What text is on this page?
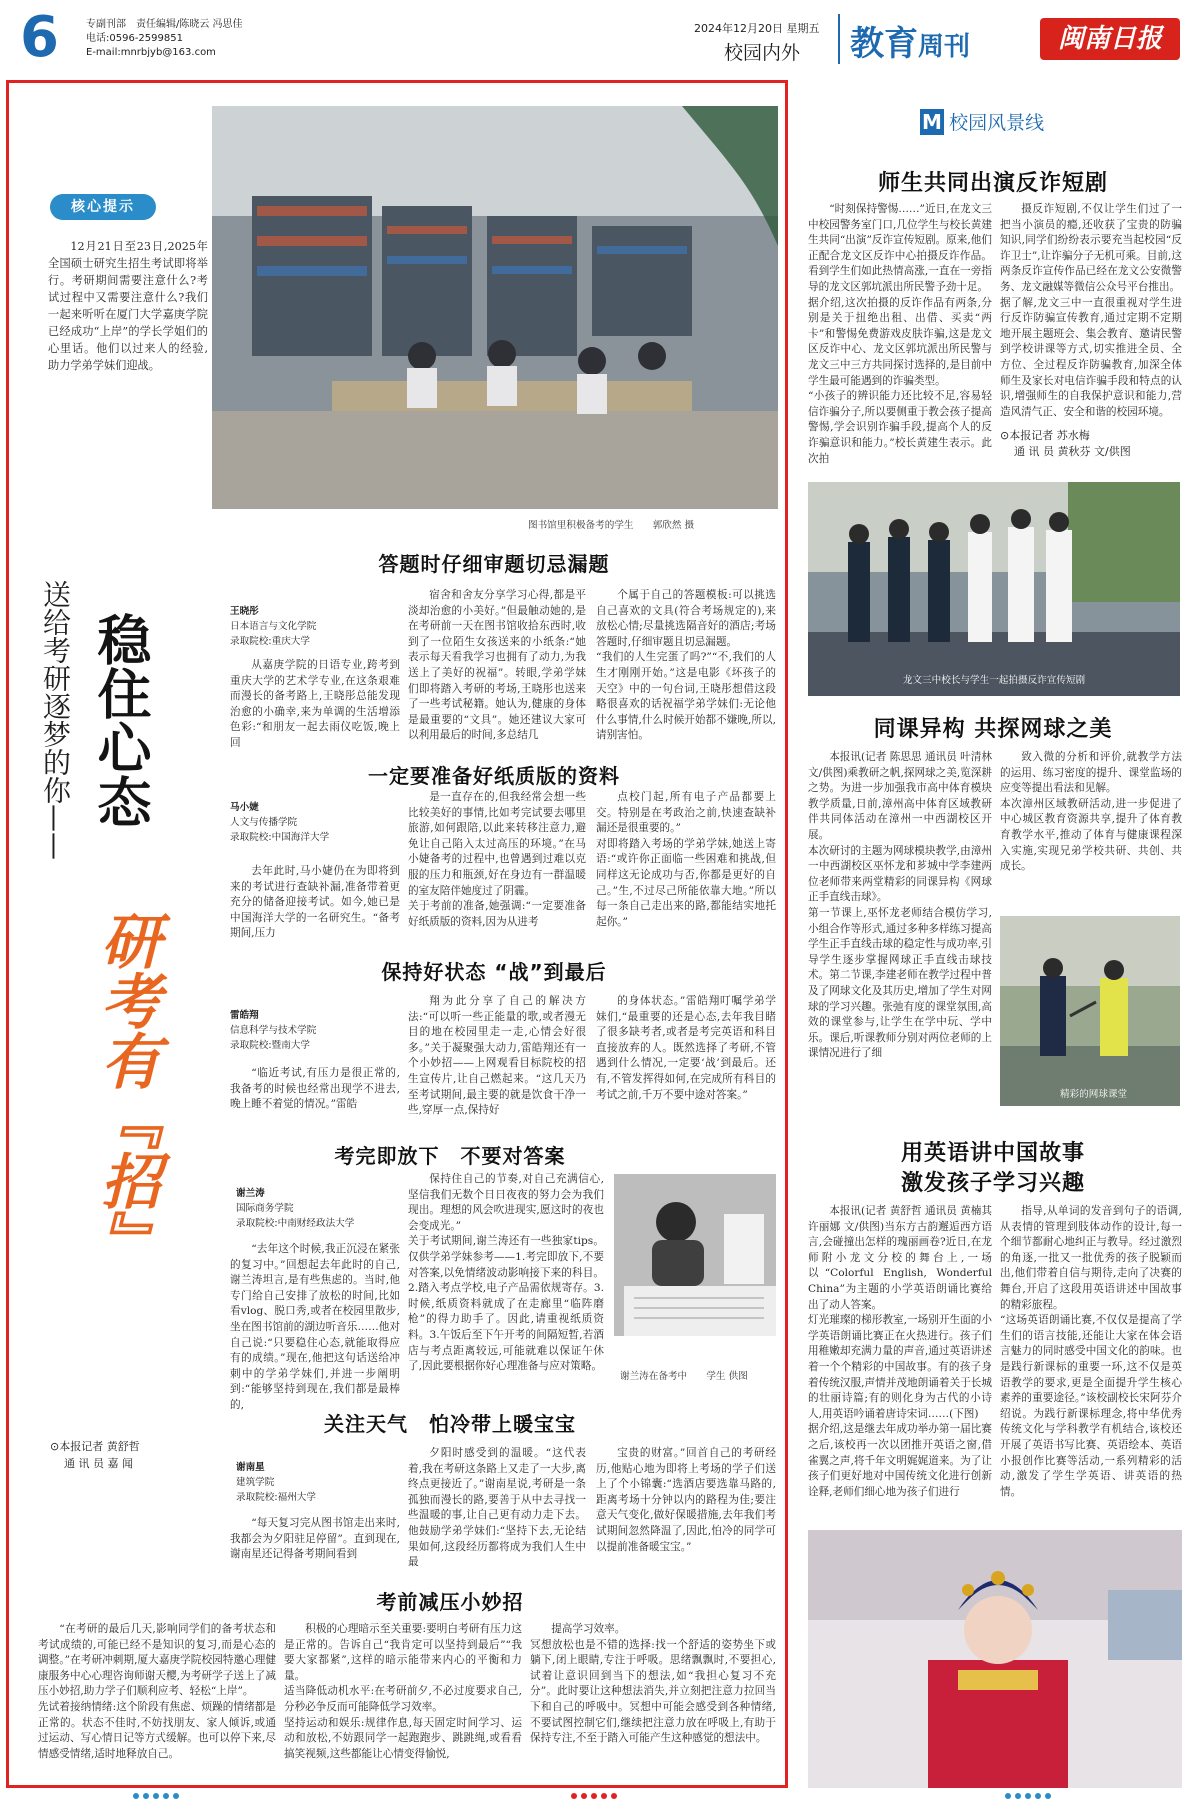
6	专副刊部　 责任编辑/陈晓云 冯思佳
电话:0596-2599851
E-mail:mnrbjyb@163.com
2024年12月20日 星期五
校园内外 教育周刊	闽南日报
核心提示

12月21日至23日,2025年全国硕士研究生招生考试即将举行。考研期间需要注意什么?考试过程中又需要注意什么?我们一起来听听在厦门大学嘉庚学院已经成功“上岸”的学长学姐们的心里话。他们以过来人的经验,助力学弟学妹们迎战。

图书馆里积极备考的学生　　郭欣然 摄
送给考研逐梦的你—— 稳住心态
研考有『招』
⊙本报记者 黄舒哲
通 讯 员 嘉 闻
答题时仔细审题切忌漏题
王晓彤
日本语言与文化学院
录取院校:重庆大学

从嘉庚学院的日语专业,跨考到重庆大学的艺术学专业,在这条艰难而漫长的备考路上,王晓彤总能发现治愈的小确幸,来为单调的生活增添色彩:“和朋友一起去雨仪吃饭,晚上回

宿舍和舍友分享学习心得,都是平淡却治愈的小美好。”但最触动她的,是在考研前一天在图书馆收拾东西时,收到了一位陌生女孩送来的小纸条:“她表示每天看我学习也拥有了动力,为我送上了美好的祝福”。转眼,学弟学妹们即将踏入考研的考场,王晓彤也送来了一些考试秘籍。她认为,健康的身体是最重要的“文具”。她还建议大家可以利用最后的时间,多总结几

个属于自己的答题模板:可以挑选自己喜欢的文具(符合考场规定的),来放松心情;尽量挑选隔音好的酒店;考场答题时,仔细审题且切忌漏题。
“我们的人生完蛋了吗?”“不,我们的人生才刚刚开始。”这是电影《坏孩子的天空》中的一句台词,王晓彤想借这段略很喜欢的话祝福学弟学妹们:无论他什么事情,什么时候开始都不嫌晚,所以,请别害怕。

一定要准备好纸质版的资料
马小婕
人文与传播学院
录取院校:中国海洋大学

去年此时,马小婕仍在为即将到来的考试进行查缺补漏,准备带着更充分的储备迎接考试。如今,她已是中国海洋大学的一名研究生。“备考期间,压力

是一直存在的,但我经常会想一些比较美好的事情,比如考完试要去哪里旅游,如何跟陪,以此来转移注意力,避免让自己陷入太过高压的环境。”在马小婕备考的过程中,也曾遇到过难以克服的压力和瓶颈,好在身边有一群温暖的室友陪伴她度过了阴霾。
关于考前的准备,她强调:“一定要准备好纸质版的资料,因为从进考

点校门起,所有电子产品都要上交。特别是在考政治之前,快速查缺补漏还是很重要的。”
对即将踏入考场的学弟学妹,她送上寄语:“或许你正面临一些困难和挑战,但同样这无论成功与否,你都是更好的自己。”生,不过尽己所能依靠大地。”所以每一条自己走出来的路,都能结实地托起你。”

保持好状态 “战”到最后
雷皓翔
信息科学与技术学院
录取院校:暨南大学

“临近考试,有压力是很正常的,我备考的时候也经常出现学不进去,晚上睡不着觉的情况。”雷皓

翔为此分享了自己的解决方法:“可以听一些正能量的歌,或者漫无目的地在校园里走一走,心情会好很多。”关于凝聚强大动力,雷皓翔还有一个小妙招——上网观看目标院校的招生宣传片,让自己燃起来。“这几天乃至考试期间,最主要的就是饮食干净一些,穿厚一点,保持好

的身体状态。”雷皓翔叮嘱学弟学妹们,“最重要的还是心态,去年我目睹了很多缺考者,或者是考完英语和科目直接放弃的人。既然选择了考研,不管遇到什么情况,一定要‘战’到最后。还有,不管发挥得如何,在完成所有科目的考试之前,千万不要中途对答案。”

考完即放下　不要对答案
谢兰涛
国际商务学院
录取院校:中南财经政法大学

“去年这个时候,我正沉浸在紧张的复习中。”回想起去年此时的自己,谢兰涛坦言,是有些焦虑的。当时,他专门给自己安排了放松的时间,比如看vlog、脱口秀,或者在校园里散步,坐在图书馆前的湖边听音乐……他对自己说:“只要稳住心态,就能取得应有的成绩。”现在,他把这句话送给冲刺中的学弟学妹们,并进一步阐明到:“能够坚持到现在,我们都是最棒的,

保持住自己的节奏,对自己充满信心,坚信我们无数个日日夜夜的努力会为我们现出。理想的风会吹进现实,愿这时的夜也会变成光。”
关于考试期间,谢兰涛还有一些独家tips。仅供学弟学妹参考——1.考完即放下,不要对答案,以免情绪波动影响接下来的科目。2.踏入考点学校,电子产品需依规寄存。3.时候,纸质资料就成了在走廊里“临阵磨枪”的得力助手了。因此,请重视纸质资料。3.午饭后至下午开考的间隔短暂,若酒店与考点距离较远,可能就难以保证午休了,因此要根据你好心理准备与应对策略。

谢兰涛在备考中　　学生 供图
关注天气　怕冷带上暖宝宝
谢南星
建筑学院
录取院校:福州大学

“每天复习完从图书馆走出来时,我都会为夕阳驻足停留”。直到现在,谢南星还记得备考期间看到

夕阳时感受到的温暖。“这代表着,我在考研这条路上又走了一大步,离终点更接近了。”谢南星说,考研是一条孤独而漫长的路,要善于从中去寻找一些温暖的事,让自己更有动力走下去。他鼓励学弟学妹们:“坚持下去,无论结果如何,这段经历都将成为我们人生中最

宝贵的财富。”回首自己的考研经历,他贴心地为即将上考场的学子们送上了个小锦囊:“选酒店要选靠马路的,距离考场十分钟以内的路程为佳;要注意天气变化,做好保暖措施,去年我们考试期间忽然降温了,因此,怕冷的同学可以提前准备暖宝宝。”

考前减压小妙招

“在考研的最后几天,影响同学们的备考状态和考试成绩的,可能已经不是知识的复习,而是心态的调整。”在考研冲刺期,厦大嘉庚学院校园特邀心理健康服务中心心理咨询师谢天樱,为考研学子送上了减压小妙招,助力学子们顺利应考、轻松“上岸”。
先试着接纳情绪:这个阶段有焦虑、烦躁的情绪都是正常的。状态不佳时,不妨找朋友、家人倾诉,或通过运动、写心情日记等方式缓解。也可以停下来,尽情感受情绪,适时地释放自己。

积极的心理暗示至关重要:要明白考研有压力这是正常的。告诉自己“我肯定可以坚持到最后”“我要大家都紧”,这样的暗示能带来内心的平衡和力量。
适当降低动机水平:在考研前夕,不必过度要求自己,分秒必争反而可能降低学习效率。
坚持运动和娱乐:规律作息,每天固定时间学习、运动和放松,不妨跟同学一起跑跑步、跳跳绳,或看看搞笑视频,这些都能让心情变得愉悦,

提高学习效率。
冥想放松也是不错的选择:找一个舒适的姿势坐下或躺下,闭上眼睛,专注于呼吸。思绪飘飘时,不要担心,试着让意识回到当下的想法,如“我担心复习不充分”。此时要让这种想法消失,并立刻把注意力拉回当下和自己的呼吸中。冥想中可能会感受到各种情绪,不要试图控制它们,继续把注意力放在呼吸上,有助于保持专注,不至于踏入可能产生这种感觉的想法中。

M 校园风景线
师生共同出演反诈短剧

“时刻保持警惕……”近日,在龙文三中校园警务室门口,几位学生与校长黄建生共同“出演”反诈宣传短剧。原来,他们正配合龙文区反诈中心拍摄反诈作品。看到学生们如此热情高涨,一直在一旁指导的龙文区郭坑派出所民警予劲十足。
据介绍,这次拍摄的反诈作品有两条,分别是关于扭绝出租、出借、买卖“两卡”和警惕免费游戏皮肤诈骗,这是龙文区反诈中心、龙文区郭坑派出所民警与龙文三中三方共同探讨选择的,是目前中学生最可能遇到的诈骗类型。
“小孩子的辨识能力还比较不足,容易轻信诈骗分子,所以要侧重于教会孩子提高警惕,学会识别诈骗手段,提高个人的反诈骗意识和能力。”校长黄建生表示。此次拍

摄反诈短剧,不仅让学生们过了一把当小演员的瘾,还收获了宝贵的防骗知识,同学们纷纷表示要充当起校园“反诈卫士”,让诈骗分子无机可乘。目前,这两条反诈宣传作品已经在龙文公安微警务、龙文融媒等微信公众号平台推出。
据了解,龙文三中一直很重视对学生进行反诈防骗宣传教育,通过定期不定期地开展主题班会、集会教育、邀请民警到学校讲课等方式,切实推进全员、全方位、全过程反诈防骗教育,加深全体师生及家长对电信诈骗手段和特点的认识,增强师生的自我保护意识和能力,营造风清气正、安全和谐的校园环境。

⊙本报记者 苏水梅
通 讯 员 黄秋芬 文/供图
龙文三中校长与学生一起拍摄反诈宣传短剧
同课异构 共探网球之美

本报讯(记者 陈思思 通讯员 叶清林 文/供图)乘教研之帆,探网球之美,览深耕之势。为进一步加强我市高中体育模块教学质量,日前,漳州高中体育区域教研伴共同体活动在漳州一中西湖校区开展。
本次研讨的主题为网球模块教学,由漳州一中西湖校区巫怀龙和芗城中学李建两位老师带来两堂精彩的同课异构《网球正手直线击球》。
第一节课上,巫怀龙老师结合模仿学习,小组合作等形式,通过多种多样练习提高学生正手直线击球的稳定性与成功率,引导学生逐步掌握网球正手直线击球技术。第二节课,李建老师在教学过程中普及了网球文化及其历史,增加了学生对网球的学习兴趣。张弛有度的课堂氛围,高效的课堂参与,让学生在学中玩、学中乐。课后,听课教师分别对两位老师的上课情况进行了细

致入微的分析和评价,就教学方法的运用、练习密度的提升、课堂监场的应变等提出看法和见解。
本次漳州区域教研活动,进一步促进了中心城区教育资源共享,提升了体育教育教学水平,推动了体育与健康课程深入实施,实现兄弟学校共研、共创、共成长。

精彩的网球课堂
用英语讲中国故事
激发孩子学习兴趣

本报讯(记者 黄舒哲 通讯员 黄楠其 许丽娜 文/供图)当东方古韵邂逅西方语言,会碰撞出怎样的瑰丽画卷?近日,在龙师附小龙文分校的舞台上,一场以“Colorful English, Wonderful China”为主题的小学英语朗诵比赛给出了动人答案。
灯光璀璨的梯形教室,一场别开生面的小学英语朗诵比赛正在火热进行。孩子们用稚嫩却充满力量的声音,通过英语讲述着一个个精彩的中国故事。有的孩子身着传统汉服,声情并茂地朗诵着关于长城的壮丽诗篇;有的则化身为古代的小诗人,用英语吟诵着唐诗宋词……(下图)
据介绍,这是继去年成功举办第一届比赛之后,该校再一次以团推开英语之窗,借雀翼之声,将千年文明娓娓道来。为了让孩子们更好地对中国传统文化进行创新诠释,老师们细心地为孩子们进行

指导,从单词的发音到句子的语调,从表情的管理到肢体动作的设计,每一个细节都耐心地纠正与教导。经过激烈的角逐,一批又一批优秀的孩子脱颖而出,他们带着自信与期待,走向了决赛的舞台,开启了这段用英语讲述中国故事的精彩旅程。
“这场英语朗诵比赛,不仅仅是提高了学生们的语言技能,还能让大家在体会语言魅力的同时感受中国文化的韵味。也是践行新课标的重要一环,这不仅是英语教学的要求,更是全面提升学生核心素养的重要途径。”该校副校长宋阿芬介绍说。为践行新课标理念,将中华优秀传统文化与学科教学有机结合,该校还开展了英语书写比赛、英语绘本、英语小报创作比赛等活动,一系列精彩的活动,激发了学生学英语、讲英语的热情。
